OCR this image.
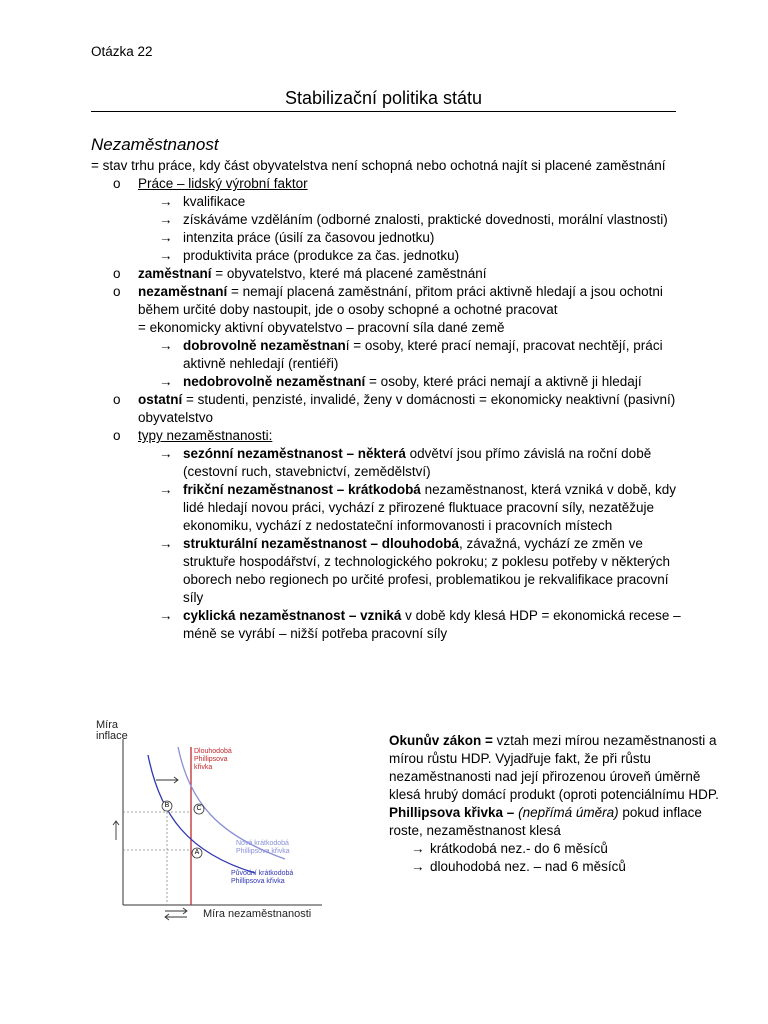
Otázka 22
Stabilizační politika státu
Nezaměstnanost
= stav trhu práce, kdy část obyvatelstva není schopná nebo ochotná najít si placené zaměstnání
o Práce – lidský výrobní faktor
→ kvalifikace
→ získáváme vzděláním (odborné znalosti, praktické dovednosti, morální vlastnosti)
→ intenzita práce (úsilí za časovou jednotku)
→ produktivita práce (produkce za čas. jednotku)
o zaměstnaní = obyvatelstvo, které má placené zaměstnání
o nezaměstnaní = nemají placená zaměstnání, přitom práci aktivně hledají a jsou ochotni během určité doby nastoupit, jde o osoby schopné a ochotné pracovat
= ekonomicky aktivní obyvatelstvo – pracovní síla dané země
→ dobrovolně nezaměstnaní = osoby, které prací nemají, pracovat nechtějí, práci aktivně nehledají (rentiéři)
→ nedobrovolně nezaměstnaní = osoby, které práci nemají a aktivně ji hledají
o ostatní = studenti, penzisté, invalidé, ženy v domácnosti = ekonomicky neaktivní (pasivní) obyvatelstvo
o typy nezaměstnanosti:
→ sezónní nezaměstnanost – některá odvětví jsou přímo závislá na roční době (cestovní ruch, stavebnictví, zemědělství)
→ frikční nezaměstnanost – krátkodobá nezaměstnanost, která vzniká v době, kdy lidé hledají novou práci, vychází z přirozené fluktuace pracovní síly, nezatěžuje ekonomiku, vychází z nedostateční informovanosti i pracovních místech
→ strukturální nezaměstnanost – dlouhodobá, závažná, vychází ze změn ve struktuře hospodářství, z technologického pokroku; z poklesu potřeby v některých oborech nebo regionech po určité profesi, problematikou je rekvalifikace pracovní síly
→ cyklická nezaměstnanost – vzniká v době kdy klesá HDP = ekonomická recese – méně se vyrábí – nižší potřeba pracovní síly
Míra
inflace
Míra nezaměstnanosti
Dlouhodobá
Phillipsova
křivka
Nová krátkodobá
Phillipsova křivka
Původní krátkodobá
Phillipsova křivka
B	C
A
Okunův zákon = vztah mezi mírou nezaměstnanosti a mírou růstu HDP. Vyjadřuje fakt, že při růstu nezaměstnanosti nad její přirozenou úroveň úměrně klesá hrubý domácí produkt (oproti potenciálnímu HDP.
Phillipsova křivka – (nepřímá úměra) pokud inflace roste, nezaměstnanost klesá
→ krátkodobá nez.- do 6 měsíců
→ dlouhodobá nez. – nad 6 měsíců
